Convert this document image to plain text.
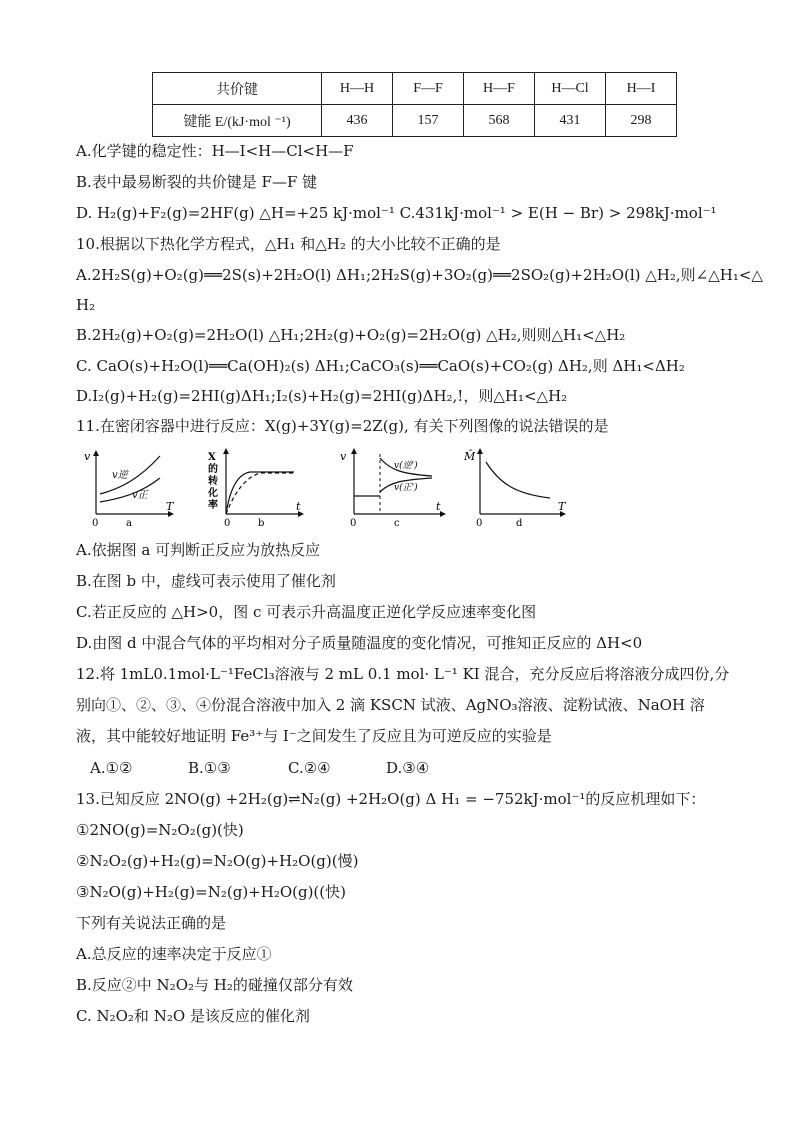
共价键	H—H	F—F	H—F	H—Cl	H—I
键能 E/(kJ·mol ⁻¹)	436	157	568	431	298
A.化学键的稳定性：H—I<H—Cl<H—F
B.表中最易断裂的共价键是 F—F 键
D. H₂(g)+F₂(g)=2HF(g) △H=+25 kJ·mol⁻¹ C.431kJ·mol⁻¹ > E(H − Br) > 298kJ·mol⁻¹
10.根据以下热化学方程式，△H₁ 和△H₂ 的大小比较不正确的是
A.2H₂S(g)+O₂(g)══2S(s)+2H₂O(l) ΔH₁;2H₂S(g)+3O₂(g)══2SO₂(g)+2H₂O(l) △H₂,则∠△H₁<△
H₂
B.2H₂(g)+O₂(g)=2H₂O(l) △H₁;2H₂(g)+O₂(g)=2H₂O(g) △H₂,则则△H₁<△H₂
C. CaO(s)+H₂O(l)══Ca(OH)₂(s) ΔH₁;CaCO₃(s)══CaO(s)+CO₂(g) ΔH₂,则 ΔH₁<ΔH₂
D.I₂(g)+H₂(g)=2HI(g)ΔH₁;I₂(s)+H₂(g)=2HI(g)ΔH₂,!，则△H₁<△H₂
11.在密闭容器中进行反应：X(g)+3Y(g)=2Z(g), 有关下列图像的说法错误的是
v
v逆
v正
T
0	a
X
的
转
化
率	t
0	b
v
v(逆')
v(正')
t
0	c
M̄
T
0	d
A.依据图 a 可判断正反应为放热反应
B.在图 b 中，虚线可表示使用了催化剂
C.若正反应的 △H>0，图 c 可表示升高温度正逆化学反应速率变化图
D.由图 d 中混合气体的平均相对分子质量随温度的变化情况，可推知正反应的 ΔH<0
12.将 1mL0.1mol·L⁻¹FeCl₃溶液与 2 mL 0.1 mol· L⁻¹ KI 混合，充分反应后将溶液分成四份,分
别向①、②、③、④份混合溶液中加入 2 滴 KSCN 试液、AgNO₃溶液、淀粉试液、NaOH 溶
液，其中能较好地证明 Fe³⁺与 I⁻之间发生了反应且为可逆反应的实验是
A.①②	B.①③	C.②④	D.③④
13.已知反应 2NO(g) +2H₂(g)⇌N₂(g) +2H₂O(g) Δ H₁ = −752kJ·mol⁻¹的反应机理如下：
①2NO(g)=N₂O₂(g)(快)
②N₂O₂(g)+H₂(g)=N₂O(g)+H₂O(g)(慢)
③N₂O(g)+H₂(g)=N₂(g)+H₂O(g)((快)
下列有关说法正确的是
A.总反应的速率决定于反应①
B.反应②中 N₂O₂与 H₂的碰撞仅部分有效
C. N₂O₂和 N₂O 是该反应的催化剂
